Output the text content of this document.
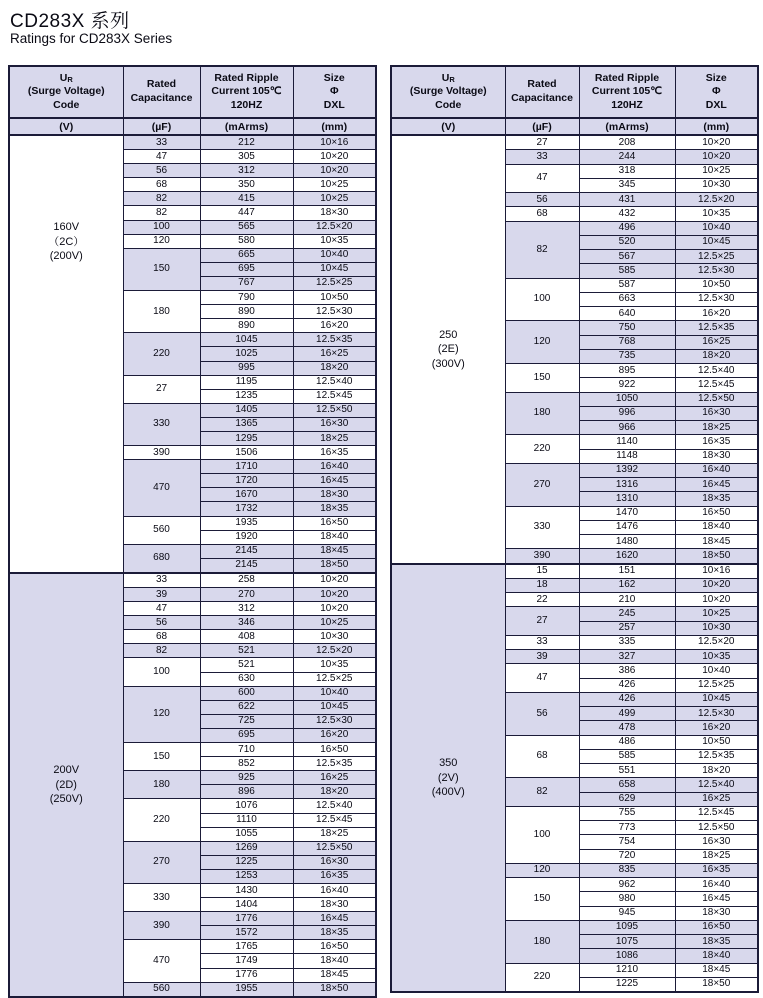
CD283X 系列
Ratings for CD283X Series
UR
(Surge Voltage)
Code

Rated
Capacitance

Rated Ripple
Current 105℃
120HZ

Size
Φ
DXL

(V)	(µF)	(mArms)	(mm)

160V
（2C）
(200V)	33	212	10×16
	47	305	10×20
	56	312	10×20
	68	350	10×25
	82	415	10×25
	82	447	18×30
	100	565	12.5×20
	120	580	10×35
	150	665	10×40
		695	10×45
		767	12.5×25
	180	790	10×50
		890	12.5×30
		890	16×20
	220	1045	12.5×35
		1025	16×25
		995	18×20
	27	1195	12.5×40
		1235	12.5×45
	330	1405	12.5×50
		1365	16×30
		1295	18×25
	390	1506	16×35
	470	1710	16×40
		1720	16×45
		1670	18×30
		1732	18×35
	560	1935	16×50
		1920	18×40
	680	2145	18×45
		2145	18×50

200V
(2D)
(250V)	33	258	10×20
	39	270	10×20
	47	312	10×20
	56	346	10×25
	68	408	10×30
	82	521	12.5×20
	100	521	10×35
		630	12.5×25
	120	600	10×40
		622	10×45
		725	12.5×30
		695	16×20
	150	710	16×50
		852	12.5×35
	180	925	16×25
		896	18×20
	220	1076	12.5×40
		1110	12.5×45
		1055	18×25
	270	1269	12.5×50
		1225	16×30
		1253	16×35
	330	1430	16×40
		1404	18×30
	390	1776	16×45
		1572	18×35
	470	1765	16×50
		1749	18×40
		1776	18×45
	560	1955	18×50
UR
(Surge Voltage)
Code

Rated
Capacitance

Rated Ripple
Current 105℃
120HZ

Size
Φ
DXL

(V)	(µF)	(mArms)	(mm)

250
(2E)
(300V)	27	208	10×20
	33	244	10×20
	47	318	10×25
		345	10×30
	56	431	12.5×20
	68	432	10×35
	82	496	10×40
		520	10×45
		567	12.5×25
		585	12.5×30
	100	587	10×50
		663	12.5×30
		640	16×20
	120	750	12.5×35
		768	16×25
		735	18×20
	150	895	12.5×40
		922	12.5×45
	180	1050	12.5×50
		996	16×30
		966	18×25
	220	1140	16×35
		1148	18×30
	270	1392	16×40
		1316	16×45
		1310	18×35
	330	1470	16×50
		1476	18×40
		1480	18×45
	390	1620	18×50

350
(2V)
(400V)	15	151	10×16
	18	162	10×20
	22	210	10×20
	27	245	10×25
		257	10×30
	33	335	12.5×20
	39	327	10×35
	47	386	10×40
		426	12.5×25
	56	426	10×45
		499	12.5×30
		478	16×20
	68	486	10×50
		585	12.5×35
		551	18×20
	82	658	12.5×40
		629	16×25
	100	755	12.5×45
		773	12.5×50
		754	16×30
		720	18×25
	120	835	16×35
	150	962	16×40
		980	16×45
		945	18×30
	180	1095	16×50
		1075	18×35
		1086	18×40
	220	1210	18×45
		1225	18×50
